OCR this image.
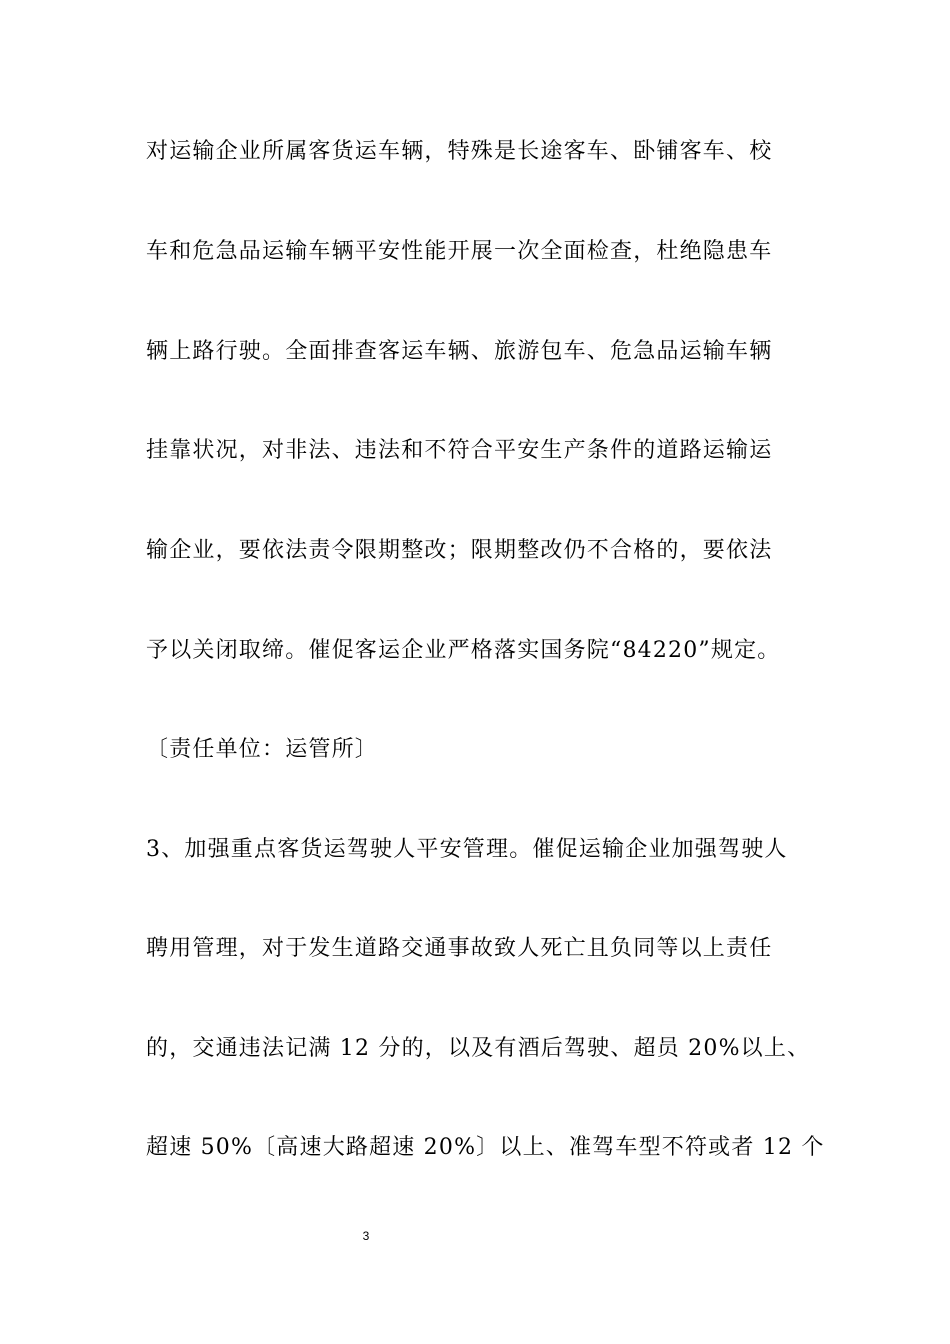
对运输企业所属客货运车辆，特殊是长途客车、卧铺客车、校
车和危急品运输车辆平安性能开展一次全面检查，杜绝隐患车
辆上路行驶。全面排查客运车辆、旅游包车、危急品运输车辆
挂靠状况，对非法、违法和不符合平安生产条件的道路运输运
输企业，要依法责令限期整改；限期整改仍不合格的，要依法
予以关闭取缔。催促客运企业严格落实国务院“84220”规定。
〔责任单位：运管所〕
3、加强重点客货运驾驶人平安管理。催促运输企业加强驾驶人
聘用管理，对于发生道路交通事故致人死亡且负同等以上责任
的，交通违法记满 12 分的，以及有酒后驾驶、超员 20%以上、
超速 50%〔高速大路超速 20%〕以上、准驾车型不符或者 12 个
3
